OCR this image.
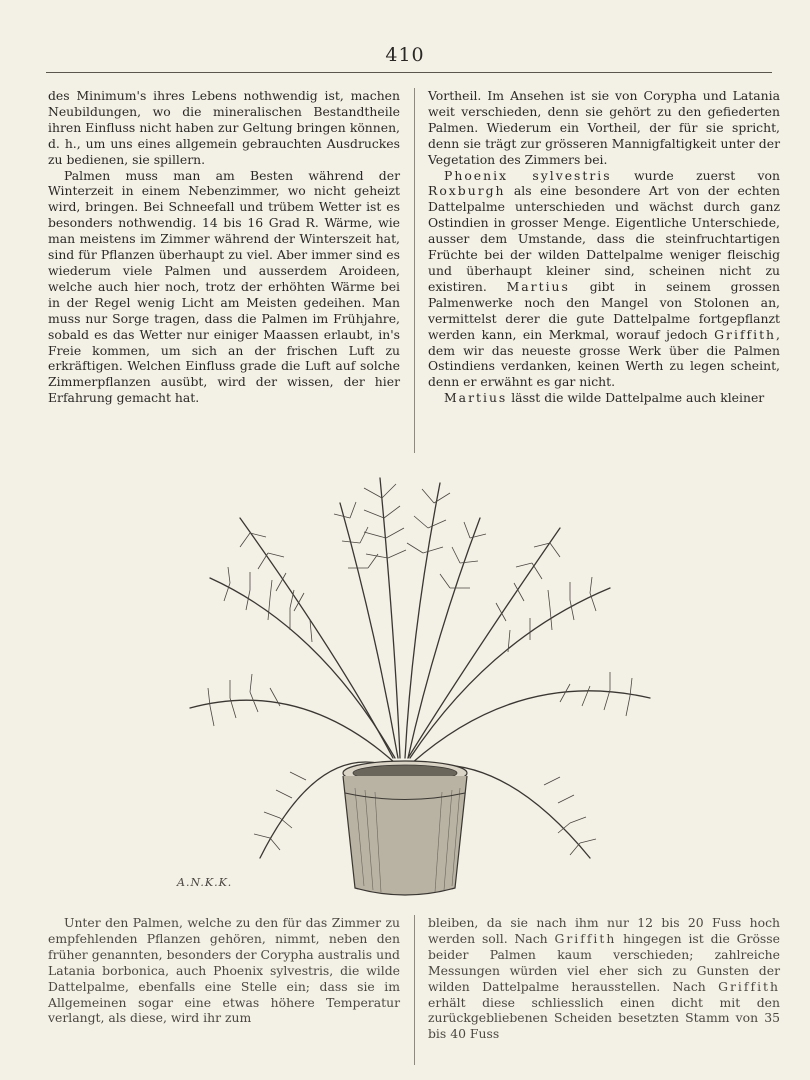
410

des Minimum's ihres Lebens nothwendig ist, machen Neubildungen, wo die mineralischen Bestandtheile ihren Einfluss nicht haben zur Geltung bringen können, d. h., um uns eines allgemein gebrauchten Ausdruckes zu bedienen, sie spillern.

Palmen muss man am Besten während der Winterzeit in einem Nebenzimmer, wo nicht geheizt wird, bringen. Bei Schneefall und trübem Wetter ist es besonders nothwendig. 14 bis 16 Grad R. Wärme, wie man meistens im Zimmer während der Winterszeit hat, sind für Pflanzen überhaupt zu viel. Aber immer sind es wiederum viele Palmen und ausserdem Aroideen, welche auch hier noch, trotz der erhöhten Wärme bei in der Regel wenig Licht am Meisten gedeihen. Man muss nur Sorge tragen, dass die Palmen im Frühjahre, sobald es das Wetter nur einiger Maassen erlaubt, in's Freie kommen, um sich an der frischen Luft zu erkräftigen. Welchen Einfluss grade die Luft auf solche Zimmerpflanzen ausübt, wird der wissen, der hier Erfahrung gemacht hat.

Vortheil. Im Ansehen ist sie von Corypha und Latania weit verschieden, denn sie gehört zu den gefiederten Palmen. Wiederum ein Vortheil, der für sie spricht, denn sie trägt zur grösseren Mannigfaltigkeit unter der Vegetation des Zimmers bei.

Phoenix sylvestris wurde zuerst von Roxburgh als eine besondere Art von der echten Dattelpalme unterschieden und wächst durch ganz Ostindien in grosser Menge. Eigentliche Unterschiede, ausser dem Umstande, dass die steinfruchtartigen Früchte bei der wilden Dattelpalme weniger fleischig und überhaupt kleiner sind, scheinen nicht zu existiren. Martius gibt in seinem grossen Palmenwerke noch den Mangel von Stolonen an, vermittelst derer die gute Dattelpalme fortgepflanzt werden kann, ein Merkmal, worauf jedoch Griffith, dem wir das neueste grosse Werk über die Palmen Ostindiens verdanken, keinen Werth zu legen scheint, denn er erwähnt es gar nicht.

Martius lässt die wilde Dattelpalme auch kleiner

A.N.K.K.

Unter den Palmen, welche zu den für das Zimmer zu empfehlenden Pflanzen gehören, nimmt, neben den früher genannten, besonders der Corypha australis und Latania borbonica, auch Phoenix sylvestris, die wilde Dattelpalme, ebenfalls eine Stelle ein; dass sie im Allgemeinen sogar eine etwas höhere Temperatur verlangt, als diese, wird ihr zum

bleiben, da sie nach ihm nur 12 bis 20 Fuss hoch werden soll. Nach Griffith hingegen ist die Grösse beider Palmen kaum verschieden; zahlreiche Messungen würden viel eher sich zu Gunsten der wilden Dattelpalme herausstellen. Nach Griffith erhält diese schliesslich einen dicht mit den zurückgebliebenen Scheiden besetzten Stamm von 35 bis 40 Fuss
